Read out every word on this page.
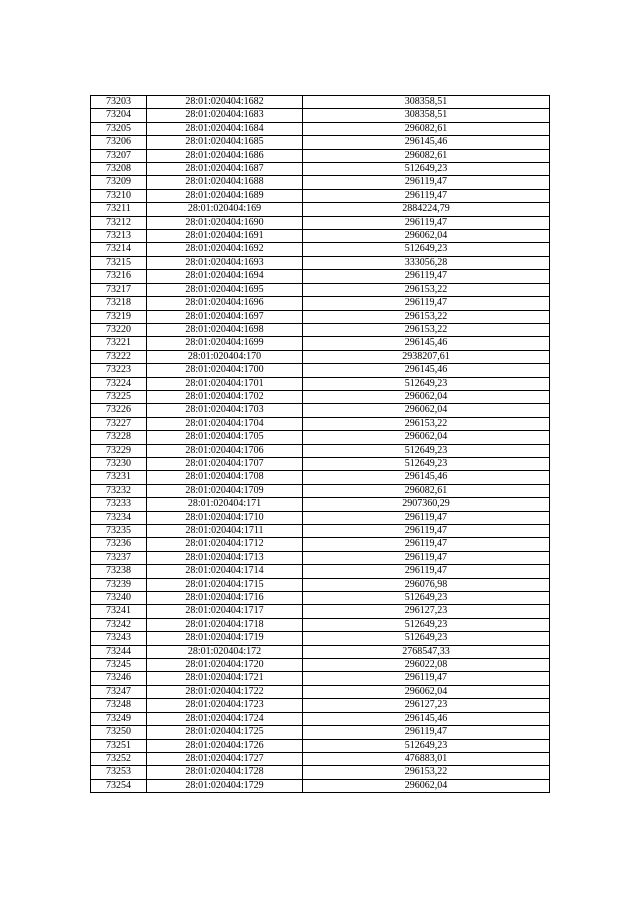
73203	28:01:020404:1682	308358,51
73204	28:01:020404:1683	308358,51
73205	28:01:020404:1684	296082,61
73206	28:01:020404:1685	296145,46
73207	28:01:020404:1686	296082,61
73208	28:01:020404:1687	512649,23
73209	28:01:020404:1688	296119,47
73210	28:01:020404:1689	296119,47
73211	28:01:020404:169	2884224,79
73212	28:01:020404:1690	296119,47
73213	28:01:020404:1691	296062,04
73214	28:01:020404:1692	512649,23
73215	28:01:020404:1693	333056,28
73216	28:01:020404:1694	296119,47
73217	28:01:020404:1695	296153,22
73218	28:01:020404:1696	296119,47
73219	28:01:020404:1697	296153,22
73220	28:01:020404:1698	296153,22
73221	28:01:020404:1699	296145,46
73222	28:01:020404:170	2938207,61
73223	28:01:020404:1700	296145,46
73224	28:01:020404:1701	512649,23
73225	28:01:020404:1702	296062,04
73226	28:01:020404:1703	296062,04
73227	28:01:020404:1704	296153,22
73228	28:01:020404:1705	296062,04
73229	28:01:020404:1706	512649,23
73230	28:01:020404:1707	512649,23
73231	28:01:020404:1708	296145,46
73232	28:01:020404:1709	296082,61
73233	28:01:020404:171	2907360,29
73234	28:01:020404:1710	296119,47
73235	28:01:020404:1711	296119,47
73236	28:01:020404:1712	296119,47
73237	28:01:020404:1713	296119,47
73238	28:01:020404:1714	296119,47
73239	28:01:020404:1715	296076,98
73240	28:01:020404:1716	512649,23
73241	28:01:020404:1717	296127,23
73242	28:01:020404:1718	512649,23
73243	28:01:020404:1719	512649,23
73244	28:01:020404:172	2768547,33
73245	28:01:020404:1720	296022,08
73246	28:01:020404:1721	296119,47
73247	28:01:020404:1722	296062,04
73248	28:01:020404:1723	296127,23
73249	28:01:020404:1724	296145,46
73250	28:01:020404:1725	296119,47
73251	28:01:020404:1726	512649,23
73252	28:01:020404:1727	476883,01
73253	28:01:020404:1728	296153,22
73254	28:01:020404:1729	296062,04
